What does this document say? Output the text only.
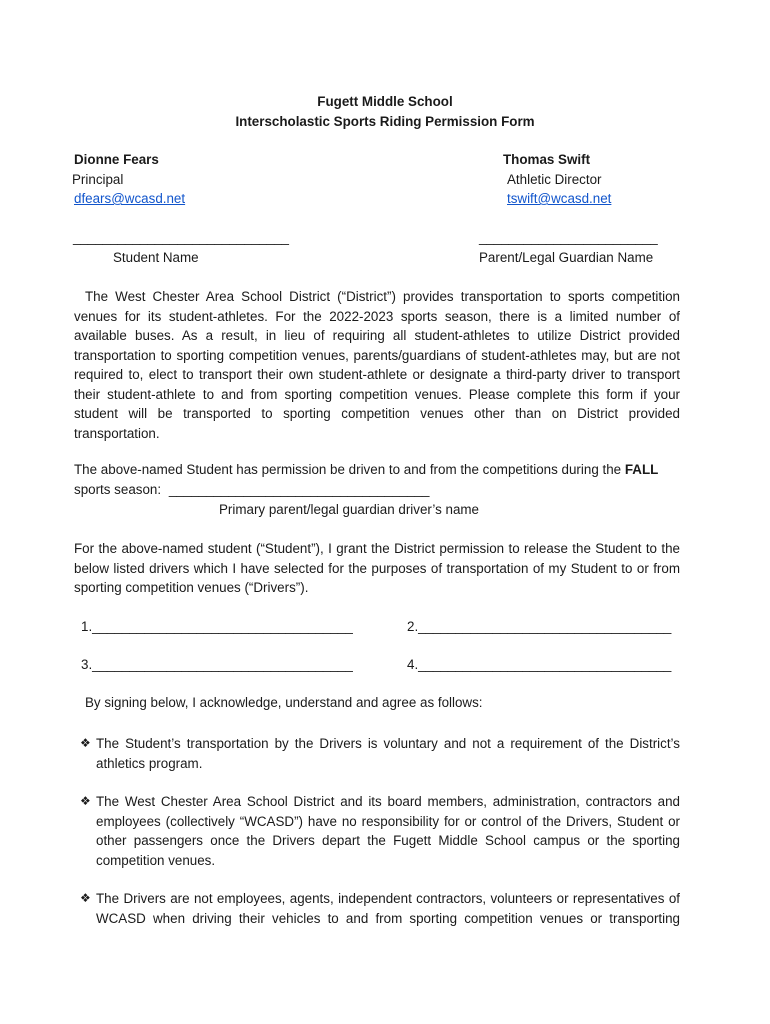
Fugett Middle School
Interscholastic Sports Riding Permission Form
Dionne Fears
Principal
dfears@wcasd.net
Thomas Swift
Athletic Director
tswift@wcasd.net
_____________________________
Student Name
________________________
Parent/Legal Guardian Name
The West Chester Area School District (“District”) provides transportation to sports competition venues for its student-athletes. For the 2022-2023 sports season, there is a limited number of available buses. As a result, in lieu of requiring all student-athletes to utilize District provided transportation to sporting competition venues, parents/guardians of student-athletes may, but are not required to, elect to transport their own student-athlete or designate a third-party driver to transport their student-athlete to and from sporting competition venues. Please complete this form if your student will be transported to sporting competition venues other than on District provided transportation.
The above-named Student has permission be driven to and from the competitions during the FALL
sports season: ___________________________________
Primary parent/legal guardian driver’s name
For the above-named student (“Student”), I grant the District permission to release the Student to the below listed drivers which I have selected for the purposes of transportation of my Student to or from sporting competition venues (“Drivers”).
1.___________________________________	2.__________________________________
3.___________________________________	4.__________________________________
By signing below, I acknowledge, understand and agree as follows:
❖ The Student’s transportation by the Drivers is voluntary and not a requirement of the District’s athletics program.
❖ The West Chester Area School District and its board members, administration, contractors and employees (collectively “WCASD”) have no responsibility for or control of the Drivers, Student or other passengers once the Drivers depart the Fugett Middle School campus or the sporting competition venues.
❖ The Drivers are not employees, agents, independent contractors, volunteers or representatives of WCASD when driving their vehicles to and from sporting competition venues or transporting
